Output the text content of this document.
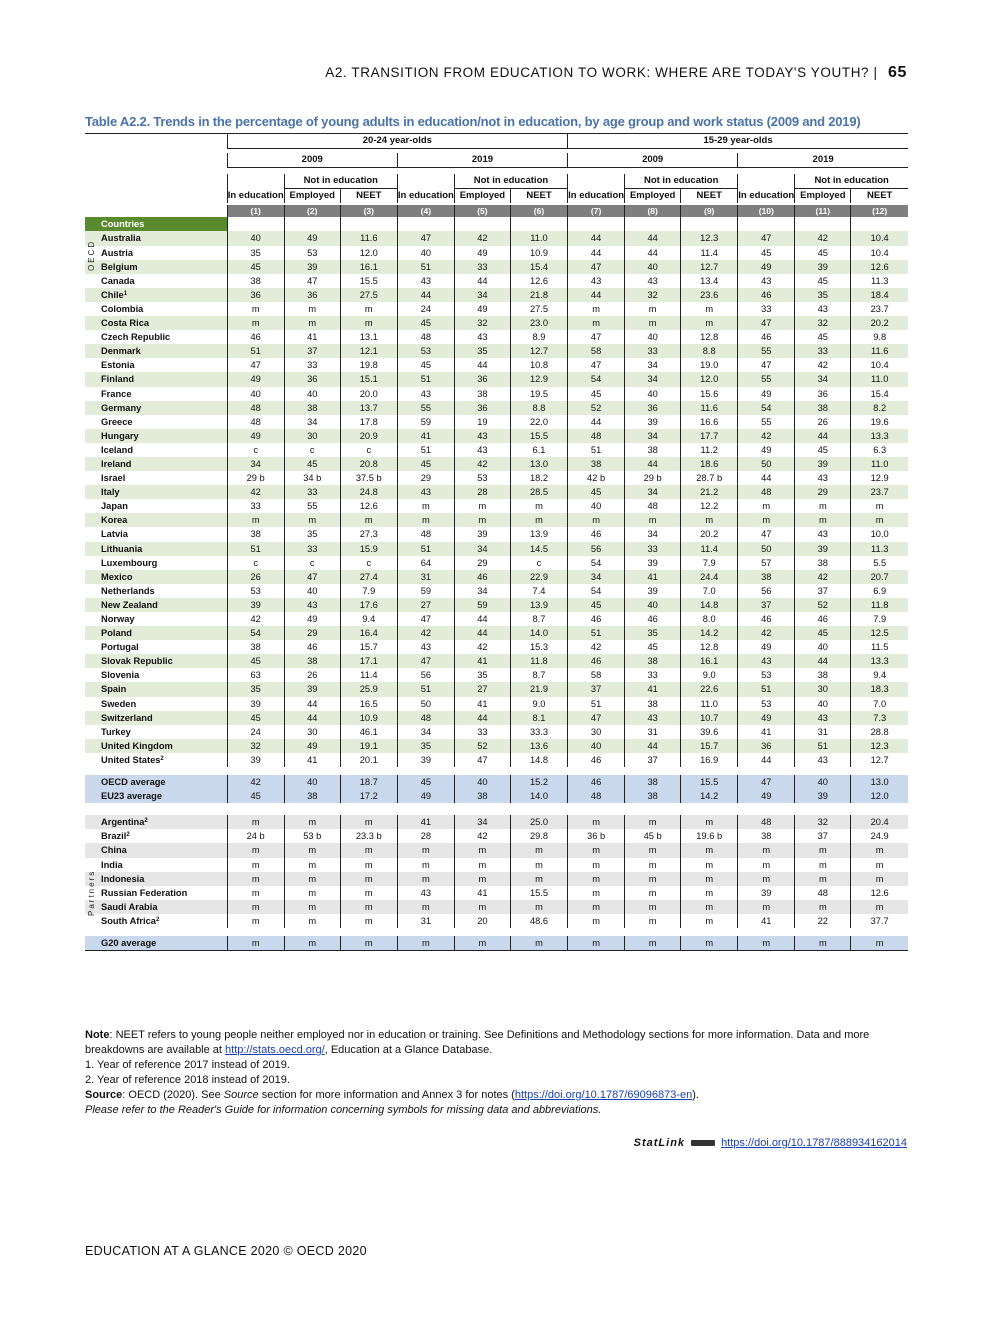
A2. TRANSITION FROM EDUCATION TO WORK: WHERE ARE TODAY'S YOUTH? | 65
Table A2.2. Trends in the percentage of young adults in education/not in education, by age group and work status (2009 and 2019)
	20-24 year-olds						15-29 year-olds					

	2009			2019			2009			2019		

	In education	Not in education		In education	Not in education		In education	Not in education		In education	Not in education	
		Employed	NEET		Employed	NEET		Employed	NEET		Employed	NEET

	(1)	(2)	(3)	(4)	(5)	(6)	(7)	(8)	(9)	(10)	(11)	(12)
Countries												
Australia	40	49	11.6	47	42	11.0	44	44	12.3	47	42	10.4
Austria	35	53	12.0	40	49	10.9	44	44	11.4	45	45	10.4
Belgium	45	39	16.1	51	33	15.4	47	40	12.7	49	39	12.6
Canada	38	47	15.5	43	44	12.6	43	43	13.4	43	45	11.3
Chile$^1$	36	36	27.5	44	34	21.8	44	32	23.6	46	35	18.4
Colombia	m	m	m	24	49	27.5	m	m	m	33	43	23.7
Costa Rica	m	m	m	45	32	23.0	m	m	m	47	32	20.2
Czech Republic	46	41	13.1	48	43	8.9	47	40	12.8	46	45	9.8
Denmark	51	37	12.1	53	35	12.7	58	33	8.8	55	33	11.6
Estonia	47	33	19.8	45	44	10.8	47	34	19.0	47	42	10.4
Finland	49	36	15.1	51	36	12.9	54	34	12.0	55	34	11.0
France	40	40	20.0	43	38	19.5	45	40	15.6	49	36	15.4
Germany	48	38	13.7	55	36	8.8	52	36	11.6	54	38	8.2
Greece	48	34	17.8	59	19	22.0	44	39	16.6	55	26	19.6
Hungary	49	30	20.9	41	43	15.5	48	34	17.7	42	44	13.3
Iceland	c	c	c	51	43	6.1	51	38	11.2	49	45	6.3
Ireland	34	45	20.8	45	42	13.0	38	44	18.6	50	39	11.0
Israel	29 b	34 b	37.5 b	29	53	18.2	42 b	29 b	28.7 b	44	43	12.9
Italy	42	33	24.8	43	28	28.5	45	34	21.2	48	29	23.7
Japan	33	55	12.6	m	m	m	40	48	12.2	m	m	m
Korea	m	m	m	m	m	m	m	m	m	m	m	m
Latvia	38	35	27.3	48	39	13.9	46	34	20.2	47	43	10.0
Lithuania	51	33	15.9	51	34	14.5	56	33	11.4	50	39	11.3
Luxembourg	c	c	c	64	29	c	54	39	7.9	57	38	5.5
Mexico	26	47	27.4	31	46	22.9	34	41	24.4	38	42	20.7
Netherlands	53	40	7.9	59	34	7.4	54	39	7.0	56	37	6.9
New Zealand	39	43	17.6	27	59	13.9	45	40	14.8	37	52	11.8
Norway	42	49	9.4	47	44	8.7	46	46	8.0	46	46	7.9
Poland	54	29	16.4	42	44	14.0	51	35	14.2	42	45	12.5
Portugal	38	46	15.7	43	42	15.3	42	45	12.8	49	40	11.5
Slovak Republic	45	38	17.1	47	41	11.8	46	38	16.1	43	44	13.3
Slovenia	63	26	11.4	56	35	8.7	58	33	9.0	53	38	9.4
Spain	35	39	25.9	51	27	21.9	37	41	22.6	51	30	18.3
Sweden	39	44	16.5	50	41	9.0	51	38	11.0	53	40	7.0
Switzerland	45	44	10.9	48	44	8.1	47	43	10.7	49	43	7.3
Turkey	24	30	46.1	34	33	33.3	30	31	39.6	41	31	28.8
United Kingdom	32	49	19.1	35	52	13.6	40	44	15.7	36	51	12.3
United States$^2$	39	41	20.1	39	47	14.8	46	37	16.9	44	43	12.7

OECD average	42	40	18.7	45	40	15.2	46	38	15.5	47	40	13.0
EU23 average	45	38	17.2	49	38	14.0	48	38	14.2	49	39	12.0

Argentina$^2$	m	m	m	41	34	25.0	m	m	m	48	32	20.4
Brazil$^2$	24 b	53 b	23.3 b	28	42	29.8	36 b	45 b	19.6 b	38	37	24.9
China	m	m	m	m	m	m	m	m	m	m	m	m
India	m	m	m	m	m	m	m	m	m	m	m	m
Indonesia	m	m	m	m	m	m	m	m	m	m	m	m
Russian Federation	m	m	m	43	41	15.5	m	m	m	39	48	12.6
Saudi Arabia	m	m	m	m	m	m	m	m	m	m	m	m
South Africa$^2$	m	m	m	31	20	48.6	m	m	m	41	22	37.7

G20 average	m	m	m	m	m	m	m	m	m	m	m	m
OECD
Partners

Note: NEET refers to young people neither employed nor in education or training. See Definitions and Methodology sections for more information. Data and more breakdowns are available at http://stats.oecd.org/, Education at a Glance Database.

1. Year of reference 2017 instead of 2019.

2. Year of reference 2018 instead of 2019.

Source: OECD (2020). See Source section for more information and Annex 3 for notes (https://doi.org/10.1787/69096873-en).

Please refer to the Reader's Guide for information concerning symbols for missing data and abbreviations.

StatLink	https://doi.org/10.1787/888934162014
EDUCATION AT A GLANCE 2020 © OECD 2020
